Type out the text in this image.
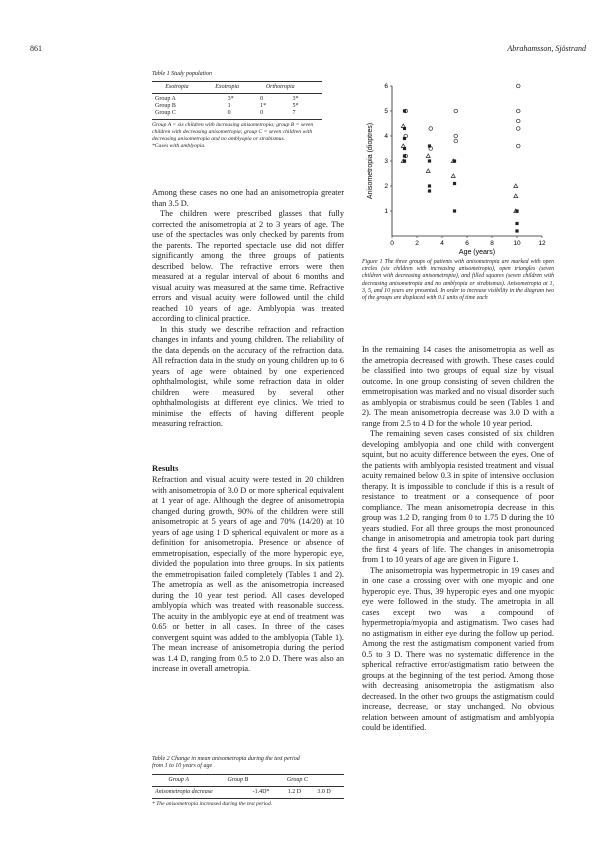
861	Abrahamsson, Sjöstrand
Table 1 Study population
	Esotropia	Exotropia	Orthotropia
Group A	3*	0	3*
Group B	1	1*	5*
Group C	0	0	7
Group A = six children with increasing anisometropia; group B = seven children with decreasing anisometropia; group C = seven children with decreasing anisometropia and no amblyopia or strabismus.
*Cases with amblyopia.

Among these cases no one had an anisometropia greater than 3.5 D.

The children were prescribed glasses that fully corrected the anisometropia at 2 to 3 years of age. The use of the spectacles was only checked by parents from the parents. The reported spectacle use did not differ significantly among the three groups of patients described below. The refractive errors were then measured at a regular interval of about 6 months and visual acuity was measured at the same time. Refractive errors and visual acuity were followed until the child reached 10 years of age. Amblyopia was treated according to clinical practice.

In this study we describe refraction and refraction changes in infants and young children. The reliability of the data depends on the accuracy of the refraction data. All refraction data in the study on young children up to 6 years of age were obtained by one experienced ophthalmologist, while some refraction data in older children were measured by several other ophthalmologists at different eye clinics. We tried to minimise the effects of having different people measuring refraction.

Results

Refraction and visual acuity were tested in 20 children with anisometropia of 3.0 D or more spherical equivalent at 1 year of age. Although the degree of anisometropia changed during growth, 90% of the children were still anisometropic at 5 years of age and 70% (14/20) at 10 years of age using 1 D spherical equivalent or more as a definition for anisometropia. Presence or absence of emmetropisation, especially of the more hyperopic eye, divided the population into three groups. In six patients the emmetropisation failed completely (Tables 1 and 2). The ametropia as well as the anisometropia increased during the 10 year test period. All cases developed amblyopia which was treated with reasonable success. The acuity in the amblyopic eye at end of treatment was 0.65 or better in all cases. In three of the cases convergent squint was added to the amblyopia (Table 1). The mean increase of anisometropia during the period was 1.4 D, ranging from 0.5 to 2.0 D. There was also an increase in overall ametropia.

Table 2 Change in mean anisometropia during the test period from 1 to 10 years of age
	Group A	Group B	Group C
Anisometropia decrease	-1.4D*	1.2 D	3.0 D
* The anisometropia increased during the test period.
0	2	4	6	8	10	12
1
2
3
4
5
6
Age (years)
Anisometropia (dioptres)
Figure 1 The three groups of patients with anisometropia are marked with open circles (six children with increasing anisometropia), open triangles (seven children with decreasing anisometropia), and filled squares (seven children with decreasing anisometropia and no amblyopia or strabismus). Anisometropia at 1, 3, 5, and 10 years are presented. In order to increase visibility in the diagram two of the groups are displaced with 0.1 units of time each

In the remaining 14 cases the anisometropia as well as the ametropia decreased with growth. These cases could be classified into two groups of equal size by visual outcome. In one group consisting of seven children the emmetropisation was marked and no visual disorder such as amblyopia or strabismus could be seen (Tables 1 and 2). The mean anisometropia decrease was 3.0 D with a range from 2.5 to 4 D for the whole 10 year period.

The remaining seven cases consisted of six children developing amblyopia and one child with convergent squint, but no acuity difference between the eyes. One of the patients with amblyopia resisted treatment and visual acuity remained below 0.3 in spite of intensive occlusion therapy. It is impossible to conclude if this is a result of resistance to treatment or a consequence of poor compliance. The mean anisometropia decrease in this group was 1.2 D, ranging from 0 to 1.75 D during the 10 years studied. For all three groups the most pronounced change in anisometropia and ametropia took part during the first 4 years of life. The changes in anisometropia from 1 to 10 years of age are given in Figure 1.

The anisometropia was hypermetropic in 19 cases and in one case a crossing over with one myopic and one hyperopic eye. Thus, 39 hyperopic eyes and one myopic eye were followed in the study. The ametropia in all cases except two was a compound of hypermetropia/myopia and astigmatism. Two cases had no astigmatism in either eye during the follow up period. Among the rest the astigmatism component varied from 0.5 to 3 D. There was no systematic difference in the spherical refractive error/astigmatism ratio between the groups at the beginning of the test period. Among those with decreasing anisometropia the astigmatism also decreased. In the other two groups the astigmatism could increase, decrease, or stay unchanged. No obvious relation between amount of astigmatism and amblyopia could be identified.
